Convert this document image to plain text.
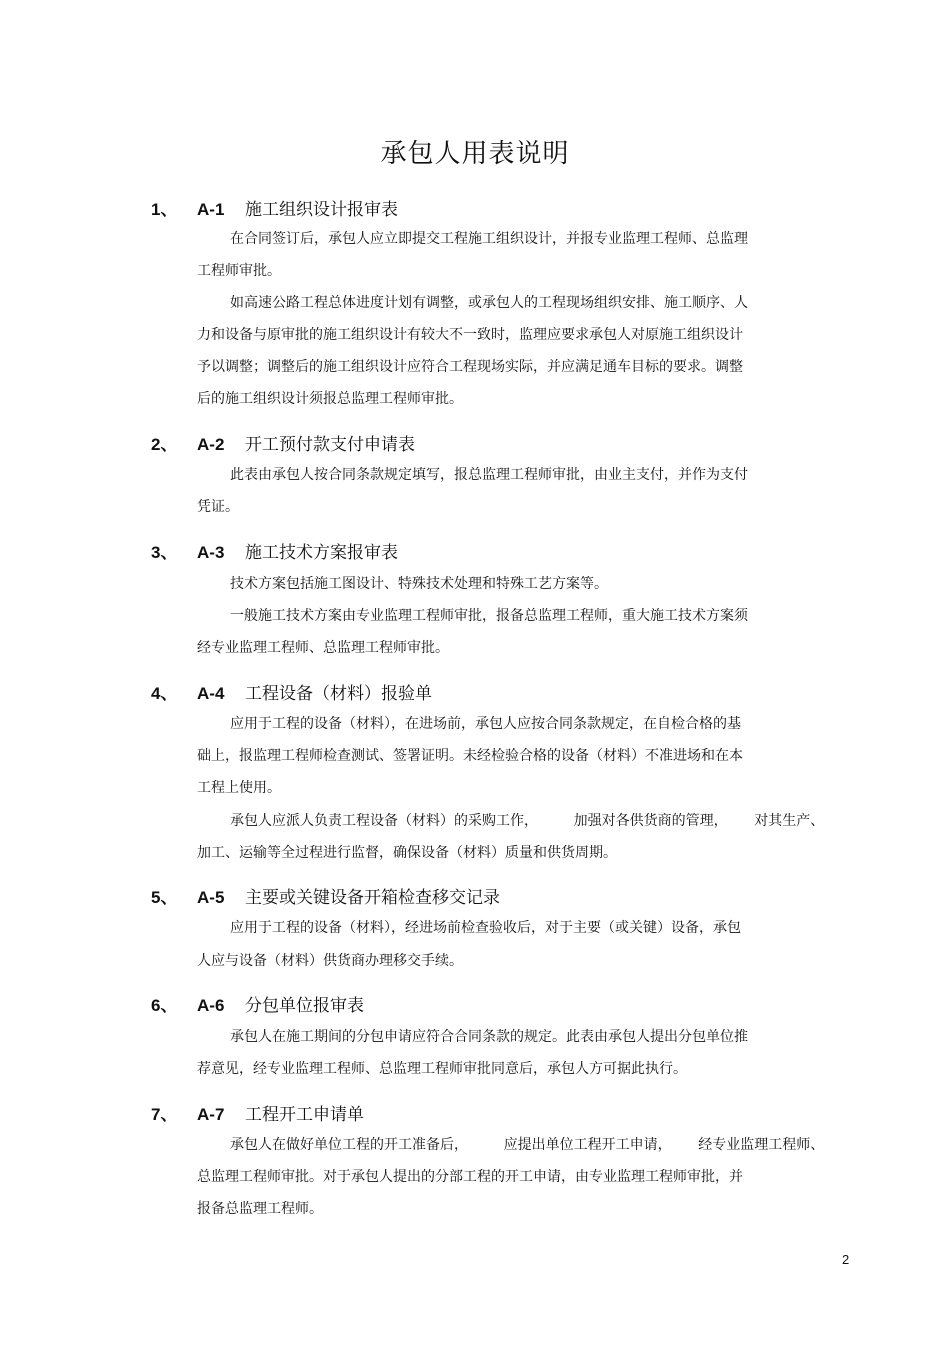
承包人用表说明
1、 A-1 施工组织设计报审表
在合同签订后，承包人应立即提交工程施工组织设计，并报专业监理工程师、总监理
工程师审批。
如高速公路工程总体进度计划有调整，或承包人的工程现场组织安排、施工顺序、人
力和设备与原审批的施工组织设计有较大不一致时，监理应要求承包人对原施工组织设计
予以调整；调整后的施工组织设计应符合工程现场实际，并应满足通车目标的要求。调整
后的施工组织设计须报总监理工程师审批。
2、 A-2 开工预付款支付申请表
此表由承包人按合同条款规定填写，报总监理工程师审批，由业主支付，并作为支付
凭证。
3、 A-3 施工技术方案报审表
技术方案包括施工图设计、特殊技术处理和特殊工艺方案等。
一般施工技术方案由专业监理工程师审批，报备总监理工程师，重大施工技术方案须
经专业监理工程师、总监理工程师审批。
4、 A-4 工程设备（材料）报验单
应用于工程的设备（材料），在进场前，承包人应按合同条款规定，在自检合格的基
础上，报监理工程师检查测试、签署证明。未经检验合格的设备（材料）不准进场和在本
工程上使用。
承包人应派人负责工程设备（材料）的采购工作，        加强对各供货商的管理，      对其生产、
加工、运输等全过程进行监督，确保设备（材料）质量和供货周期。
5、 A-5 主要或关键设备开箱检查移交记录
应用于工程的设备（材料），经进场前检查验收后，对于主要（或关键）设备，承包
人应与设备（材料）供货商办理移交手续。
6、 A-6 分包单位报审表
承包人在施工期间的分包申请应符合合同条款的规定。此表由承包人提出分包单位推
荐意见，经专业监理工程师、总监理工程师审批同意后，承包人方可据此执行。
7、 A-7 工程开工申请单
承包人在做好单位工程的开工准备后，        应提出单位工程开工申请，      经专业监理工程师、
总监理工程师审批。对于承包人提出的分部工程的开工申请，由专业监理工程师审批，并
报备总监理工程师。
2
